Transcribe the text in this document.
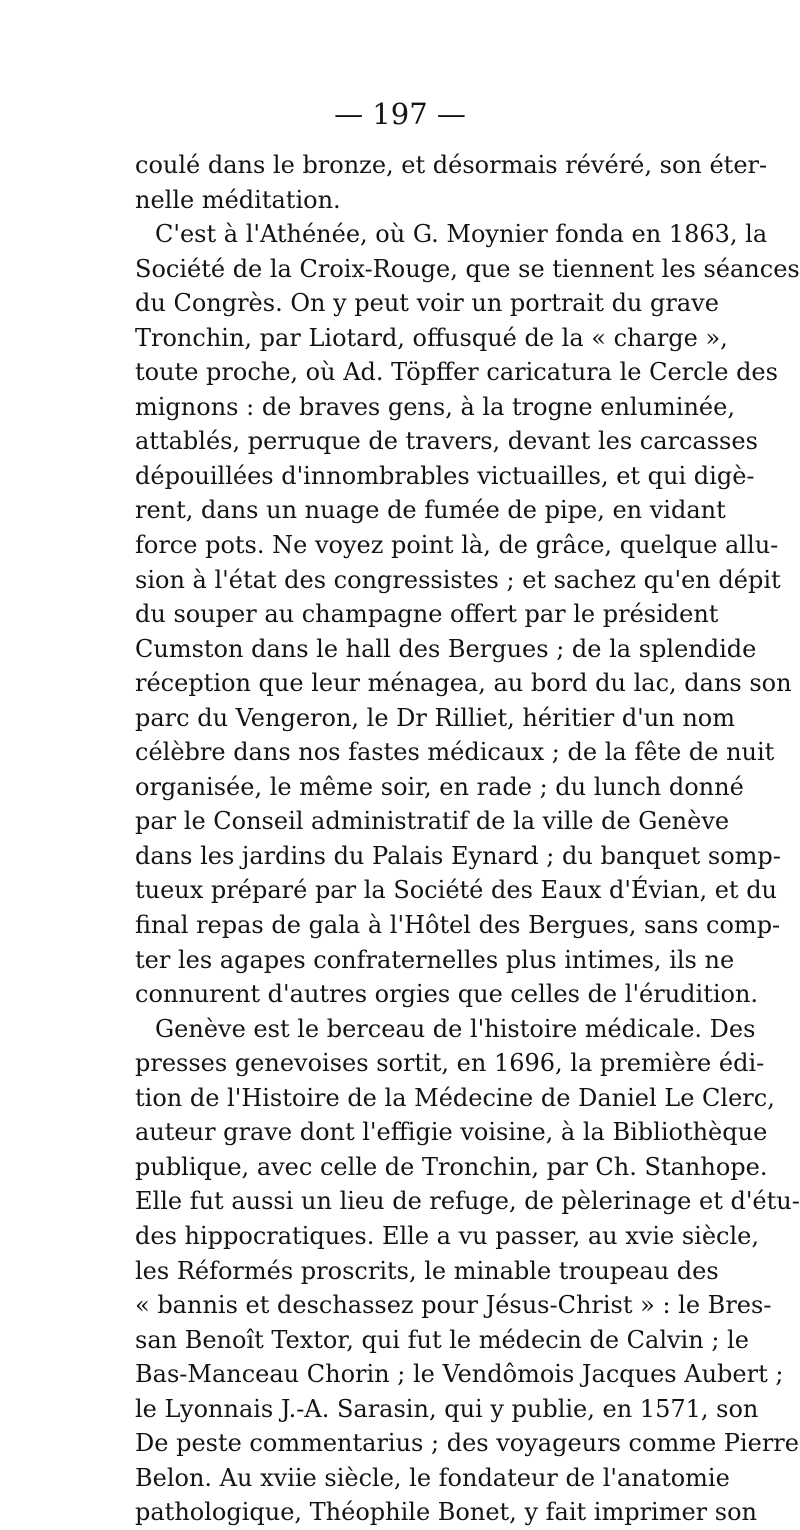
— 197 —
coulé dans le bronze, et désormais révéré, son éter-
nelle méditation.
C'est à l'Athénée, où G. Moynier fonda en 1863, la
Société de la Croix-Rouge, que se tiennent les séances
du Congrès. On y peut voir un portrait du grave
Tronchin, par Liotard, offusqué de la « charge »,
toute proche, où Ad. Töpffer caricatura le Cercle des
mignons : de braves gens, à la trogne enluminée,
attablés, perruque de travers, devant les carcasses
dépouillées d'innombrables victuailles, et qui digè-
rent, dans un nuage de fumée de pipe, en vidant
force pots. Ne voyez point là, de grâce, quelque allu-
sion à l'état des congressistes ; et sachez qu'en dépit
du souper au champagne offert par le président
Cumston dans le hall des Bergues ; de la splendide
réception que leur ménagea, au bord du lac, dans son
parc du Vengeron, le Dr Rilliet, héritier d'un nom
célèbre dans nos fastes médicaux ; de la fête de nuit
organisée, le même soir, en rade ; du lunch donné
par le Conseil administratif de la ville de Genève
dans les jardins du Palais Eynard ; du banquet somp-
tueux préparé par la Société des Eaux d'Évian, et du
final repas de gala à l'Hôtel des Bergues, sans comp-
ter les agapes confraternelles plus intimes, ils ne
connurent d'autres orgies que celles de l'érudition.
Genève est le berceau de l'histoire médicale. Des
presses genevoises sortit, en 1696, la première édi-
tion de l'Histoire de la Médecine de Daniel Le Clerc,
auteur grave dont l'effigie voisine, à la Bibliothèque
publique, avec celle de Tronchin, par Ch. Stanhope.
Elle fut aussi un lieu de refuge, de pèlerinage et d'étu-
des hippocratiques. Elle a vu passer, au xvie siècle,
les Réformés proscrits, le minable troupeau des
« bannis et deschassez pour Jésus-Christ » : le Bres-
san Benoît Textor, qui fut le médecin de Calvin ; le
Bas-Manceau Chorin ; le Vendômois Jacques Aubert ;
le Lyonnais J.-A. Sarasin, qui y publie, en 1571, son
De peste commentarius ; des voyageurs comme Pierre
Belon. Au xviie siècle, le fondateur de l'anatomie
pathologique, Théophile Bonet, y fait imprimer son
